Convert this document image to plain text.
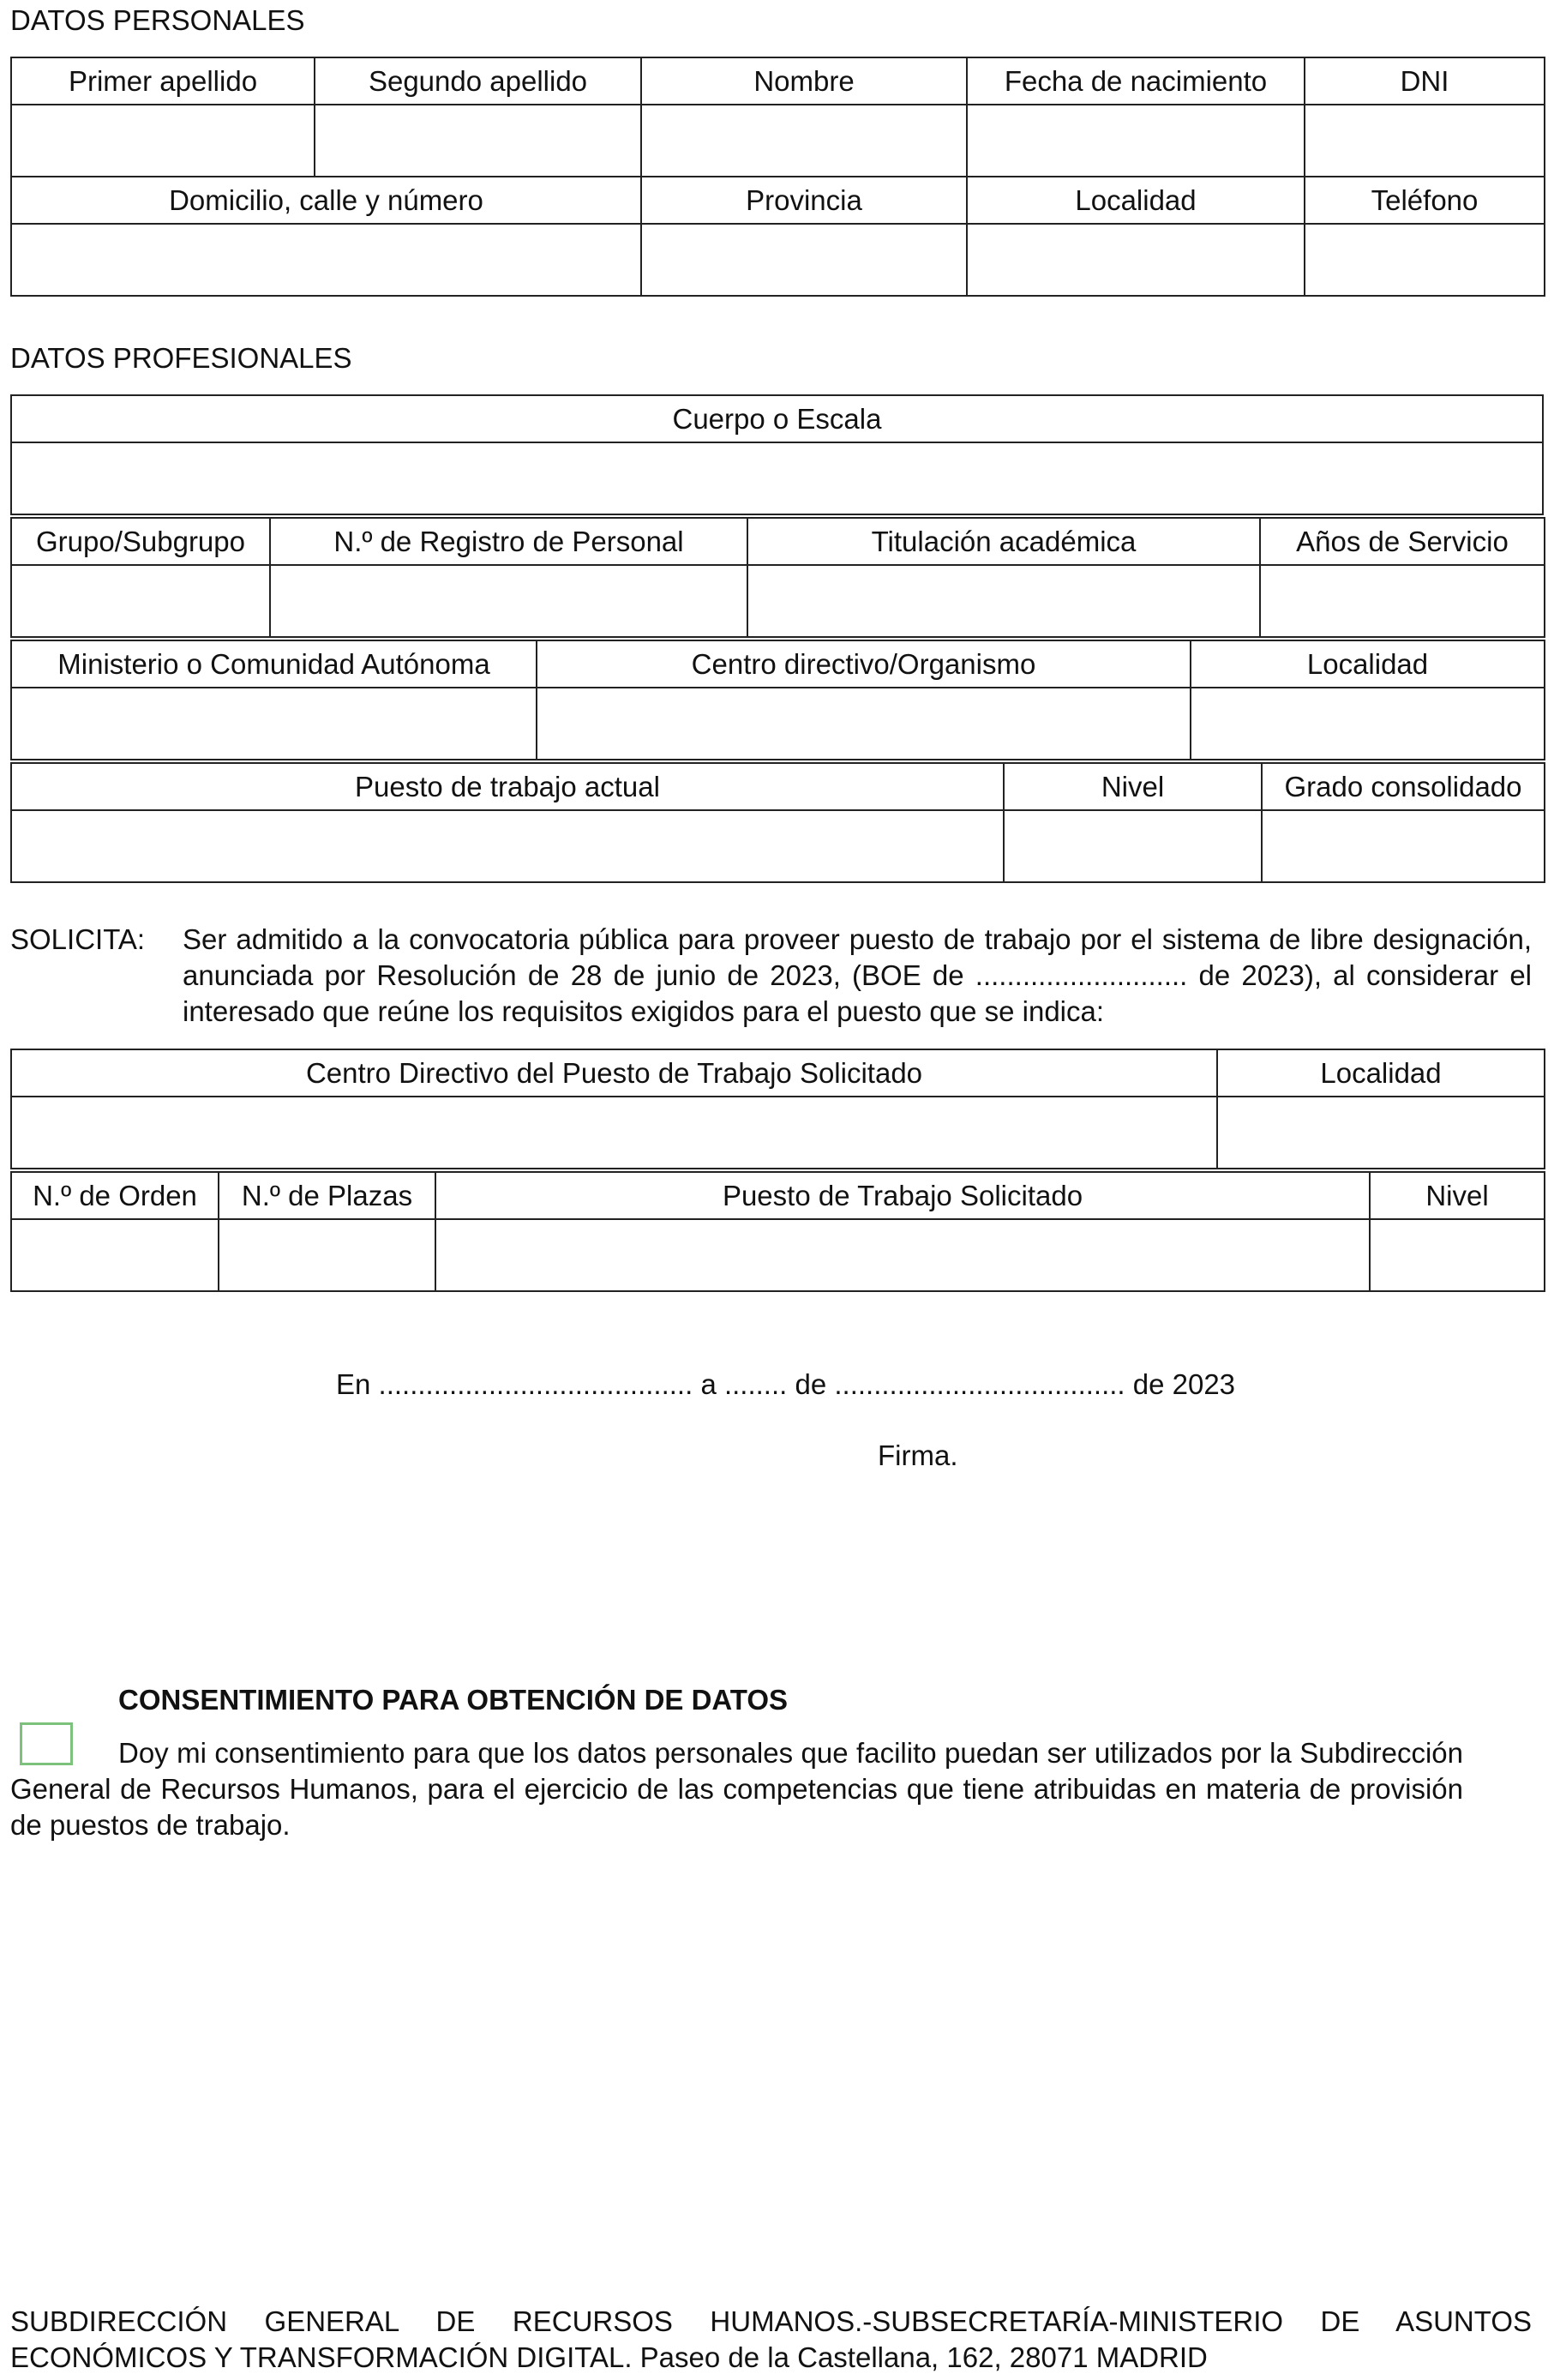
DATOS PERSONALES
Primer apellido	Segundo apellido	Nombre	Fecha de nacimiento	DNI

Domicilio, calle y número		Provincia	Localidad	Teléfono

DATOS PROFESIONALES
Cuerpo o Escala

Grupo/Subgrupo	N.º de Registro de Personal	Titulación académica	Años de Servicio

Ministerio o Comunidad Autónoma	Centro directivo/Organismo	Localidad

Puesto de trabajo actual	Nivel	Grado consolidado

SOLICITA: Ser admitido a la convocatoria pública para proveer puesto de trabajo por el sistema de libre designación, anunciada por Resolución de 28 de junio de 2023, (BOE de ........................... de 2023), al considerar el interesado que reúne los requisitos exigidos para el puesto que se indica:
Centro Directivo del Puesto de Trabajo Solicitado	Localidad

N.º de Orden	N.º de Plazas	Puesto de Trabajo Solicitado	Nivel

En ........................................ a ........ de ..................................... de 2023
Firma.
CONSENTIMIENTO PARA OBTENCIÓN DE DATOS
Doy mi consentimiento para que los datos personales que facilito puedan ser utilizados por la Subdirección General de Recursos Humanos, para el ejercicio de las competencias que tiene atribuidas en materia de provisión de puestos de trabajo.
SUBDIRECCIÓN GENERAL DE RECURSOS HUMANOS.-SUBSECRETARÍA-MINISTERIO DE ASUNTOS
ECONÓMICOS Y TRANSFORMACIÓN DIGITAL. Paseo de la Castellana, 162, 28071 MADRID
